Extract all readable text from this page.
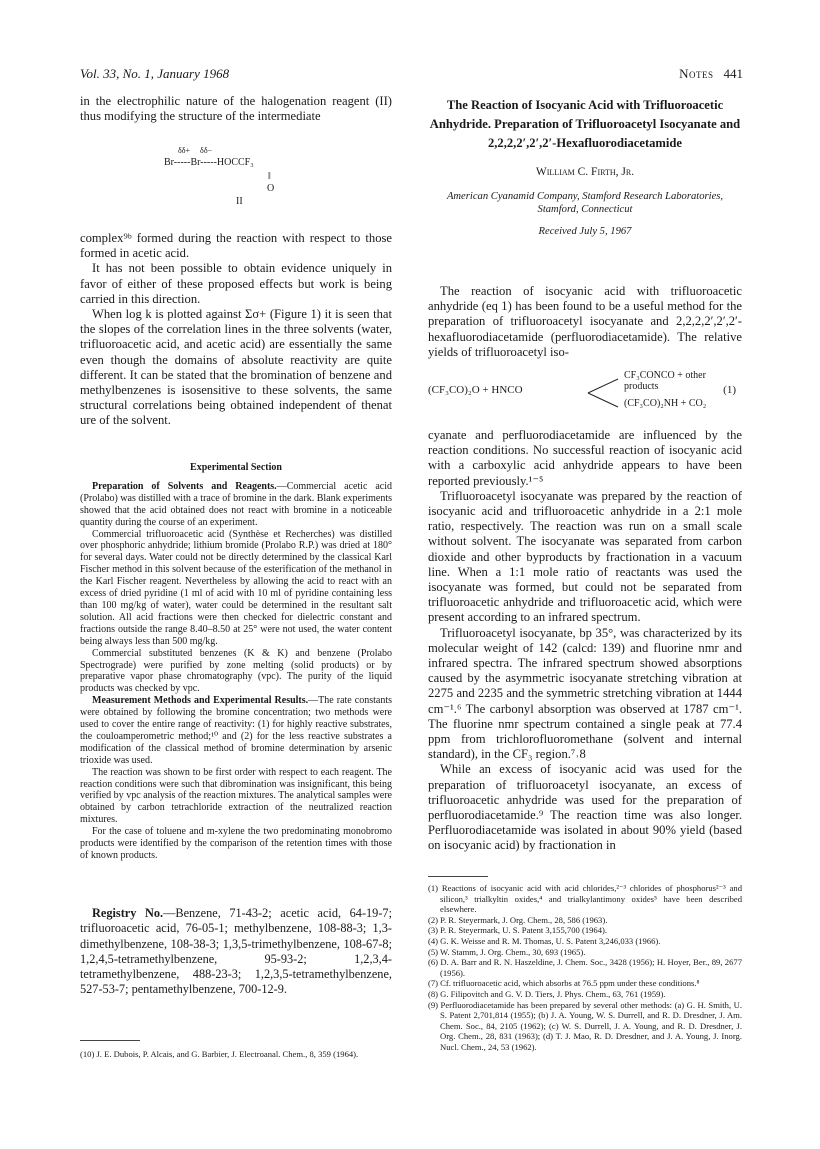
Vol. 33, No. 1, January 1968	Notes 441

in the electrophilic nature of the halogenation reagent (II) thus modifying the structure of the intermediate

δδ+     δδ−
Br-----Br-----HOCCF₃
‖
O
II

complex⁹ᵇ formed during the reaction with respect to those formed in acetic acid.

It has not been possible to obtain evidence uniquely in favor of either of these proposed effects but work is being carried in this direction.

When log k is plotted against Σσ+ (Figure 1) it is seen that the slopes of the correlation lines in the three solvents (water, trifluoroacetic acid, and acetic acid) are essentially the same even though the domains of absolute reactivity are quite different. It can be stated that the bromination of benzene and methylbenzenes is isosensitive to these solvents, the same structural correlations being obtained independent of thenat ure of the solvent.

Experimental Section

Preparation of Solvents and Reagents.—Commercial acetic acid (Prolabo) was distilled with a trace of bromine in the dark. Blank experiments showed that the acid obtained does not react with bromine in a noticeable quantity during the course of an experiment.

Commercial trifluoroacetic acid (Synthèse et Recherches) was distilled over phosphoric anhydride; lithium bromide (Prolabo R.P.) was dried at 180° for several days. Water could not be directly determined by the classical Karl Fischer method in this solvent because of the esterification of the methanol in the Karl Fischer reagent. Nevertheless by allowing the acid to react with an excess of dried pyridine (1 ml of acid with 10 ml of pyridine containing less than 100 mg/kg of water), water could be determined in the resultant salt solution. All acid fractions were then checked for dielectric constant and fractions outside the range 8.40–8.50 at 25° were not used, the water content being always less than 500 mg/kg.

Commercial substituted benzenes (K & K) and benzene (Prolabo Spectrograde) were purified by zone melting (solid products) or by preparative vapor phase chromatography (vpc). The purity of the liquid products was checked by vpc.

Measurement Methods and Experimental Results.—The rate constants were obtained by following the bromine concentration; two methods were used to cover the entire range of reactivity: (1) for highly reactive substrates, the couloamperometric method;¹⁰ and (2) for the less reactive substrates a modification of the classical method of bromine determination by arsenic trioxide was used.

The reaction was shown to be first order with respect to each reagent. The reaction conditions were such that dibromination was insignificant, this being verified by vpc analysis of the reaction mixtures. The analytical samples were obtained by carbon tetrachloride extraction of the neutralized reaction mixtures.

For the case of toluene and m-xylene the two predominating monobromo products were identified by the comparison of the retention times with those of known products.

Registry No.—Benzene, 71-43-2; acetic acid, 64-19-7; trifluoroacetic acid, 76-05-1; methylbenzene, 108-88-3; 1,3-dimethylbenzene, 108-38-3; 1,3,5-trimethylbenzene, 108-67-8; 1,2,4,5-tetramethylbenzene, 95-93-2; 1,2,3,4-tetramethylbenzene, 488-23-3; 1,2,3,5-tetramethylbenzene, 527-53-7; pentamethylbenzene, 700-12-9.

(10) J. E. Dubois, P. Alcais, and G. Barbier, J. Electroanal. Chem., 8, 359 (1964).

The Reaction of Isocyanic Acid with Trifluoroacetic Anhydride. Preparation of Trifluoroacetyl Isocyanate and 2,2,2,2′,2′,2′-Hexafluorodiacetamide
William C. Firth, Jr.
American Cyanamid Company, Stamford Research Laboratories, Stamford, Connecticut
Received July 5, 1967

The reaction of isocyanic acid with trifluoroacetic anhydride (eq 1) has been found to be a useful method for the preparation of trifluoroacetyl isocyanate and 2,2,2,2′,2′,2′-hexafluorodiacetamide (perfluorodiacetamide). The relative yields of trifluoroacetyl iso-

(CF₃CO)₂O + HNCO
CF₃CONCO + other products
(CF₃CO)₂NH + CO₂
(1)

cyanate and perfluorodiacetamide are influenced by the reaction conditions. No successful reaction of isocyanic acid with a carboxylic acid anhydride appears to have been reported previously.¹⁻⁵

Trifluoroacetyl isocyanate was prepared by the reaction of isocyanic acid and trifluoroacetic anhydride in a 2:1 mole ratio, respectively. The reaction was run on a small scale without solvent. The isocyanate was separated from carbon dioxide and other byproducts by fractionation in a vacuum line. When a 1:1 mole ratio of reactants was used the isocyanate was formed, but could not be separated from trifluoroacetic anhydride and trifluoroacetic acid, which were present according to an infrared spectrum.

Trifluoroacetyl isocyanate, bp 35°, was characterized by its molecular weight of 142 (calcd: 139) and fluorine nmr and infrared spectra. The infrared spectrum showed absorptions caused by the asymmetric isocyanate stretching vibration at 2275 and 2235 and the symmetric stretching vibration at 1444 cm⁻¹.⁶ The carbonyl absorption was observed at 1787 cm⁻¹. The fluorine nmr spectrum contained a single peak at 77.4 ppm from trichlorofluoromethane (solvent and internal standard), in the CF₃ region.⁷˒8

While an excess of isocyanic acid was used for the preparation of trifluoroacetyl isocyanate, an excess of trifluoroacetic anhydride was used for the preparation of perfluorodiacetamide.⁹ The reaction time was also longer. Perfluorodiacetamide was isolated in about 90% yield (based on isocyanic acid) by fractionation in

(1) Reactions of isocyanic acid with acid chlorides,²⁻³ chlorides of phosphorus²⁻³ and silicon,³ trialkyltin oxides,⁴ and trialkylantimony oxides⁵ have been described elsewhere.

(2) P. R. Steyermark, J. Org. Chem., 28, 586 (1963).

(3) P. R. Steyermark, U. S. Patent 3,155,700 (1964).

(4) G. K. Weisse and R. M. Thomas, U. S. Patent 3,246,033 (1966).

(5) W. Stamm, J. Org. Chem., 30, 693 (1965).

(6) D. A. Barr and R. N. Haszeldine, J. Chem. Soc., 3428 (1956); H. Hoyer, Ber., 89, 2677 (1956).

(7) Cf. trifluoroacetic acid, which absorbs at 76.5 ppm under these conditions.⁸

(8) G. Filipovitch and G. V. D. Tiers, J. Phys. Chem., 63, 761 (1959).

(9) Perfluorodiacetamide has been prepared by several other methods: (a) G. H. Smith, U. S. Patent 2,701,814 (1955); (b) J. A. Young, W. S. Durrell, and R. D. Dresdner, J. Am. Chem. Soc., 84, 2105 (1962); (c) W. S. Durrell, J. A. Young, and R. D. Dresdner, J. Org. Chem., 28, 831 (1963); (d) T. J. Mao, R. D. Dresdner, and J. A. Young, J. Inorg. Nucl. Chem., 24, 53 (1962).
